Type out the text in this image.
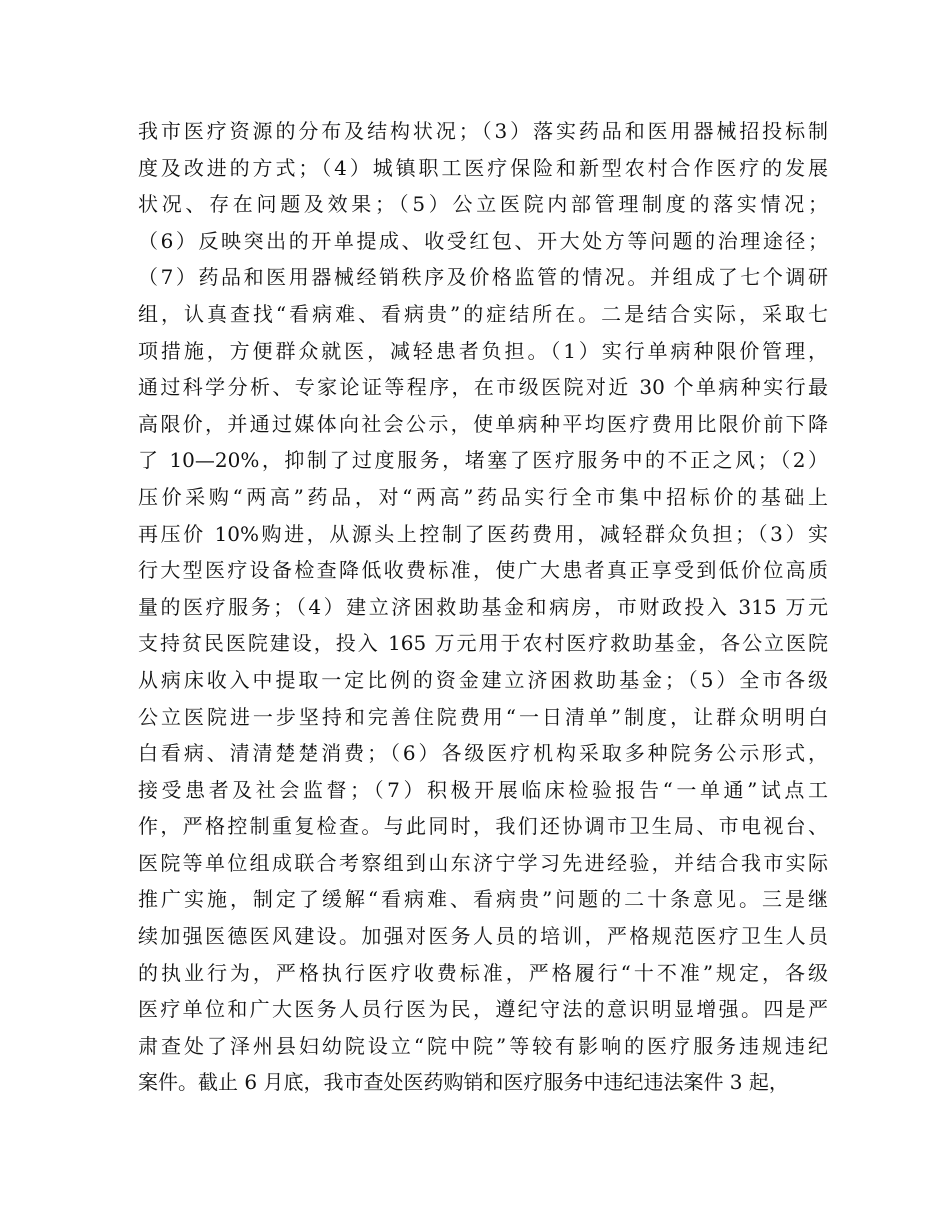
我市医疗资源的分布及结构状况；（3）落实药品和医用器械招投标制
度及改进的方式；（4）城镇职工医疗保险和新型农村合作医疗的发展
状况、存在问题及效果；（5）公立医院内部管理制度的落实情况；
（6）反映突出的开单提成、收受红包、开大处方等问题的治理途径；
（7）药品和医用器械经销秩序及价格监管的情况。并组成了七个调研
组，认真查找“看病难、看病贵”的症结所在。二是结合实际，采取七
项措施，方便群众就医，减轻患者负担。（1）实行单病种限价管理，
通过科学分析、专家论证等程序，在市级医院对近 30 个单病种实行最
高限价，并通过媒体向社会公示，使单病种平均医疗费用比限价前下降
了 10—20%，抑制了过度服务，堵塞了医疗服务中的不正之风；（2）
压价采购“两高”药品，对“两高”药品实行全市集中招标价的基础上
再压价 10%购进，从源头上控制了医药费用，减轻群众负担；（3）实
行大型医疗设备检查降低收费标准，使广大患者真正享受到低价位高质
量的医疗服务；（4）建立济困救助基金和病房，市财政投入 315 万元
支持贫民医院建设，投入 165 万元用于农村医疗救助基金，各公立医院
从病床收入中提取一定比例的资金建立济困救助基金；（5）全市各级
公立医院进一步坚持和完善住院费用“一日清单”制度，让群众明明白
白看病、清清楚楚消费；（6）各级医疗机构采取多种院务公示形式，
接受患者及社会监督；（7）积极开展临床检验报告“一单通”试点工
作，严格控制重复检查。与此同时，我们还协调市卫生局、市电视台、
医院等单位组成联合考察组到山东济宁学习先进经验，并结合我市实际
推广实施，制定了缓解“看病难、看病贵”问题的二十条意见。三是继
续加强医德医风建设。加强对医务人员的培训，严格规范医疗卫生人员
的执业行为，严格执行医疗收费标准，严格履行“十不准”规定，各级
医疗单位和广大医务人员行医为民，遵纪守法的意识明显增强。四是严
肃查处了泽州县妇幼院设立“院中院”等较有影响的医疗服务违规违纪
案件。截止 6 月底，我市查处医药购销和医疗服务中违纪违法案件 3 起，
